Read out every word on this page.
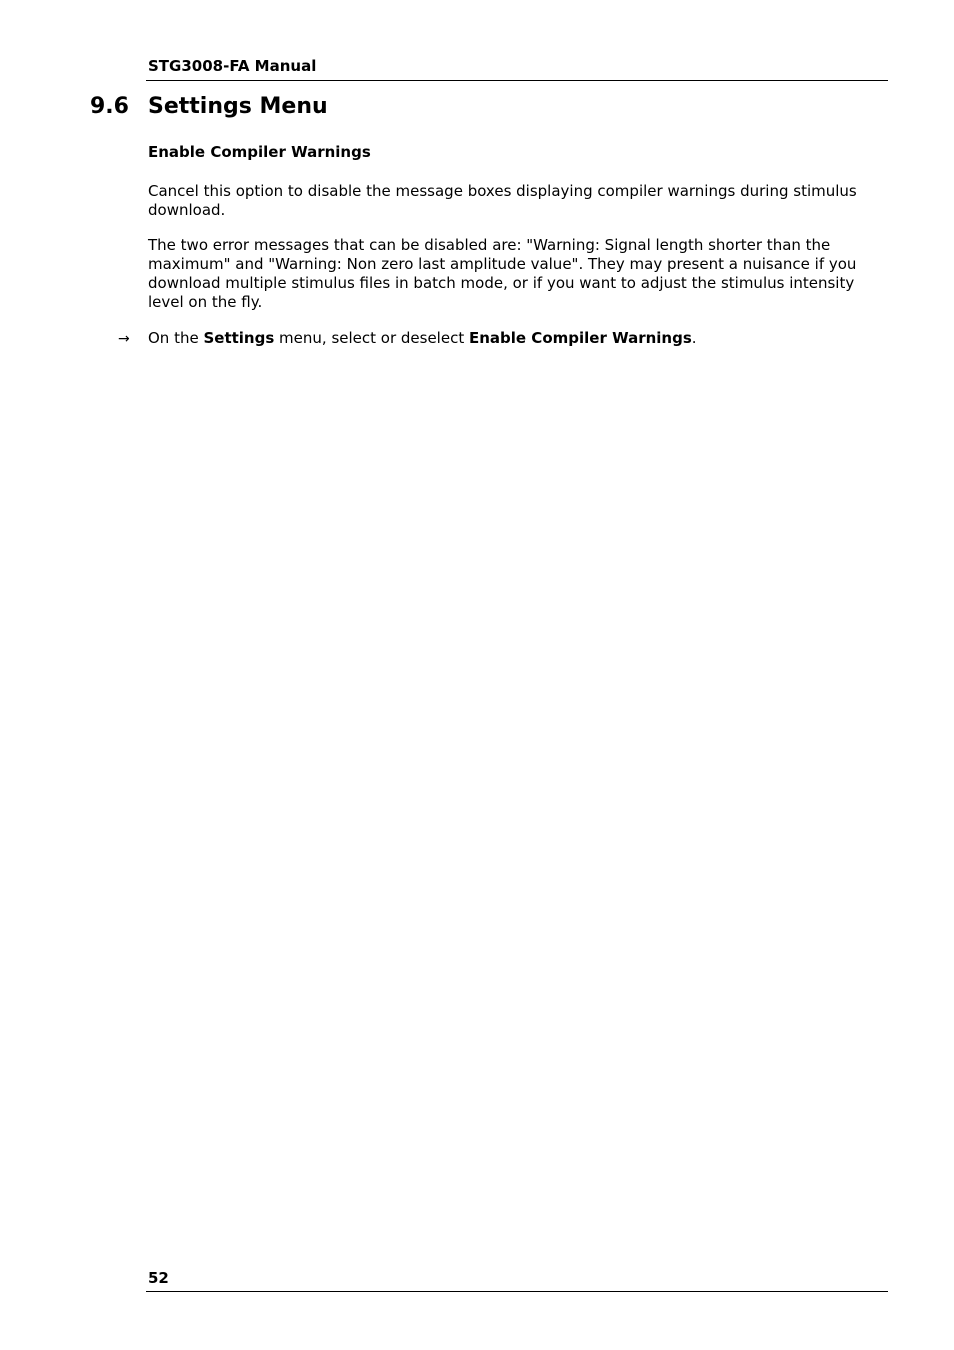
STG3008-FA Manual
9.6 Settings Menu
Enable Compiler Warnings

Cancel this option to disable the message boxes displaying compiler warnings during stimulus download.

The two error messages that can be disabled are: "Warning: Signal length shorter than the maximum" and "Warning: Non zero last amplitude value". They may present a nuisance if you download multiple stimulus files in batch mode, or if you want to adjust the stimulus intensity level on the fly.

→ On the Settings menu, select or deselect Enable Compiler Warnings.
52
